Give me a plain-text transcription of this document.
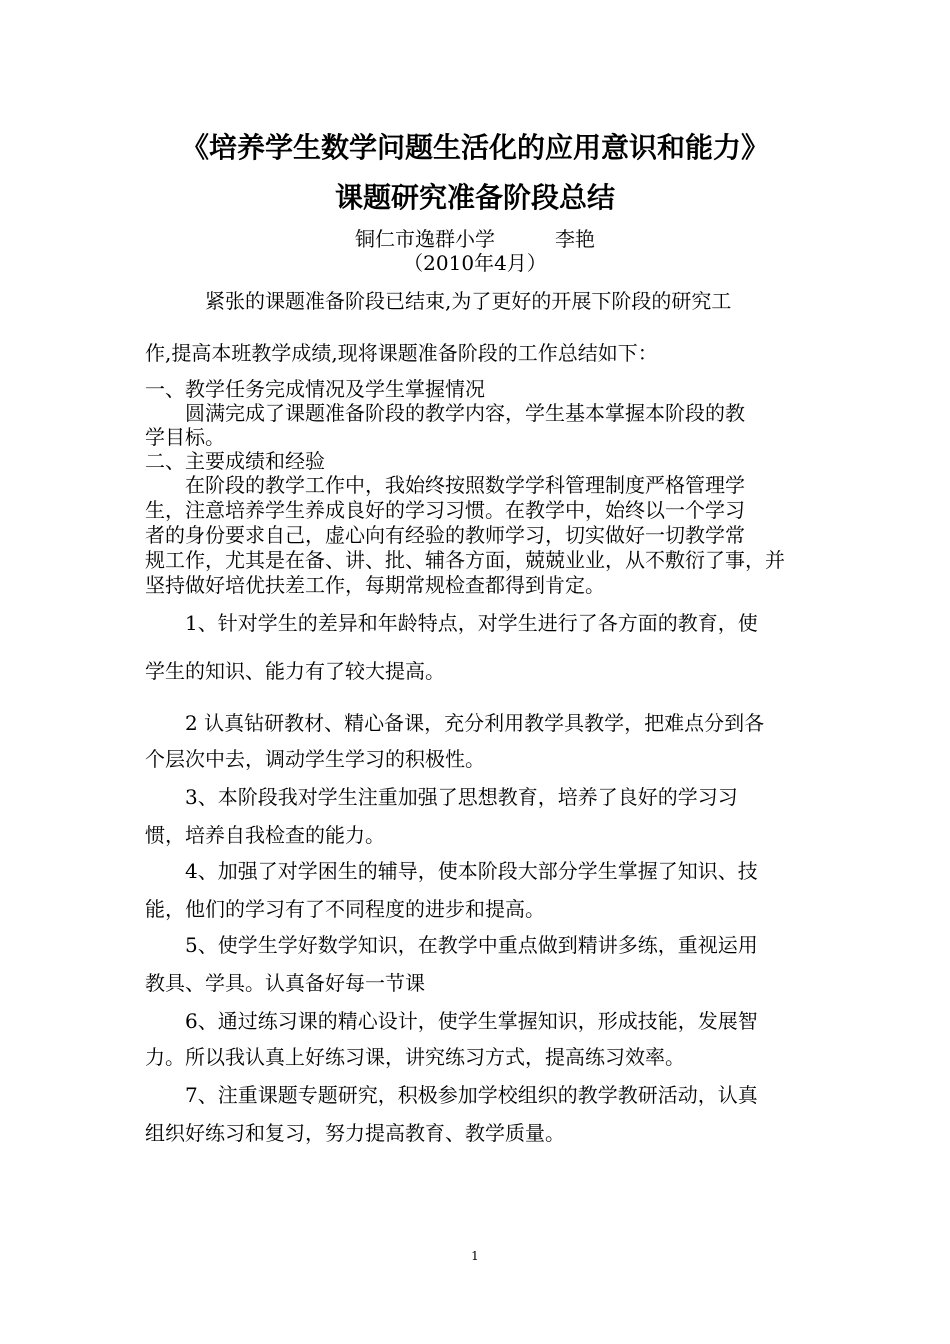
《培养学生数学问题生活化的应用意识和能力》
课题研究准备阶段总结
铜仁市逸群小学　　　李艳
（2010年4月）
紧张的课题准备阶段已结束,为了更好的开展下阶段的研究工
作,提高本班教学成绩,现将课题准备阶段的工作总结如下：
一、教学任务完成情况及学生掌握情况
圆满完成了课题准备阶段的教学内容，学生基本掌握本阶段的教
学目标。
二、主要成绩和经验
在阶段的教学工作中，我始终按照数学学科管理制度严格管理学
生，注意培养学生养成良好的学习习惯。在教学中，始终以一个学习
者的身份要求自己，虚心向有经验的教师学习，切实做好一切教学常
规工作，尤其是在备、讲、批、辅各方面，兢兢业业，从不敷衍了事，并
坚持做好培优扶差工作，每期常规检查都得到肯定。
1、针对学生的差异和年龄特点，对学生进行了各方面的教育，使
学生的知识、能力有了较大提高。
2 认真钻研教材、精心备课，充分利用教学具教学，把难点分到各
个层次中去，调动学生学习的积极性。
3、本阶段我对学生注重加强了思想教育，培养了良好的学习习
惯，培养自我检查的能力。
4、加强了对学困生的辅导，使本阶段大部分学生掌握了知识、技
能，他们的学习有了不同程度的进步和提高。
5、使学生学好数学知识，在教学中重点做到精讲多练，重视运用
教具、学具。认真备好每一节课
6、通过练习课的精心设计，使学生掌握知识，形成技能，发展智
力。所以我认真上好练习课，讲究练习方式，提高练习效率。
7、注重课题专题研究，积极参加学校组织的教学教研活动，认真
组织好练习和复习，努力提高教育、教学质量。
1
